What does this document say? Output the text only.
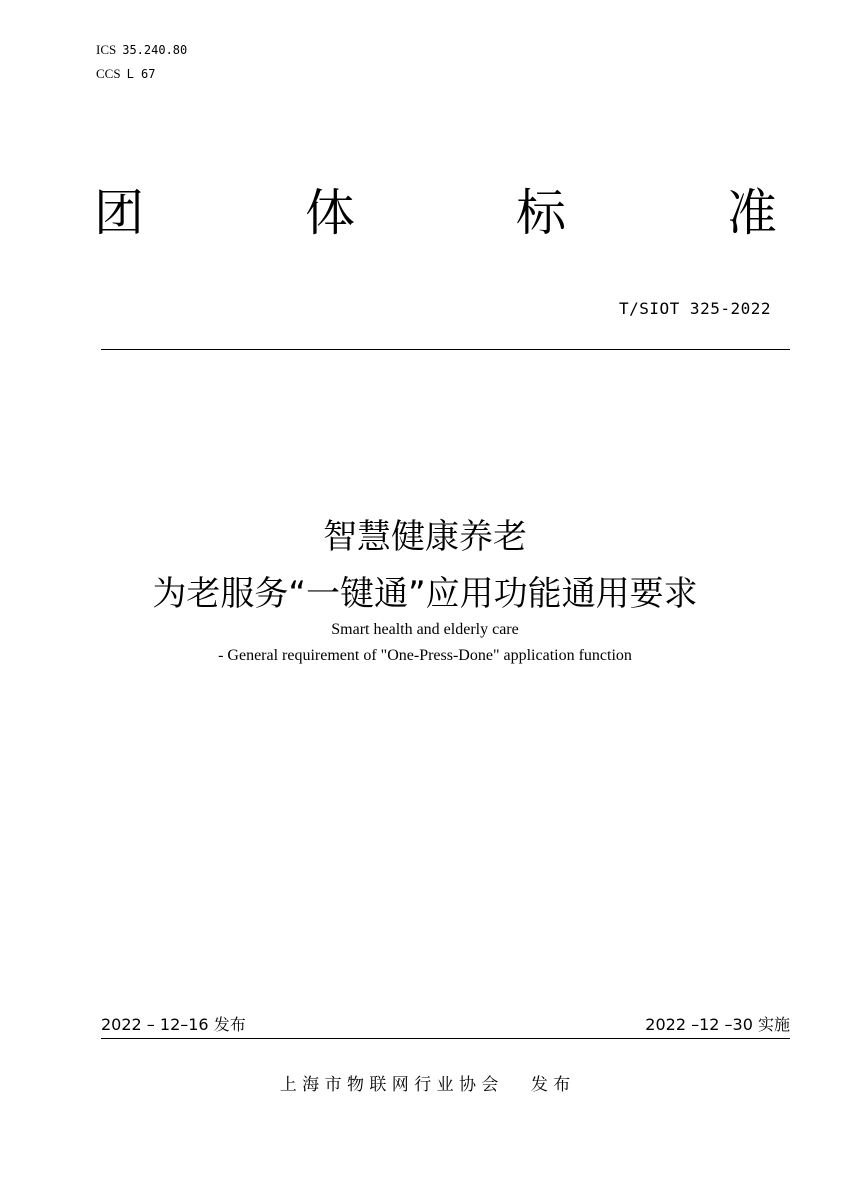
ICS 35.240.80
CCS L 67
团	体	标	准
T/SIOT 325-2022
智慧健康养老
为老服务“一键通”应用功能通用要求
Smart health and elderly care
- General requirement of "One-Press-Done" application function
2022 – 12–16 发布	2022 –12 –30 实施
上 海 市 物 联 网 行 业 协 会      发 布
